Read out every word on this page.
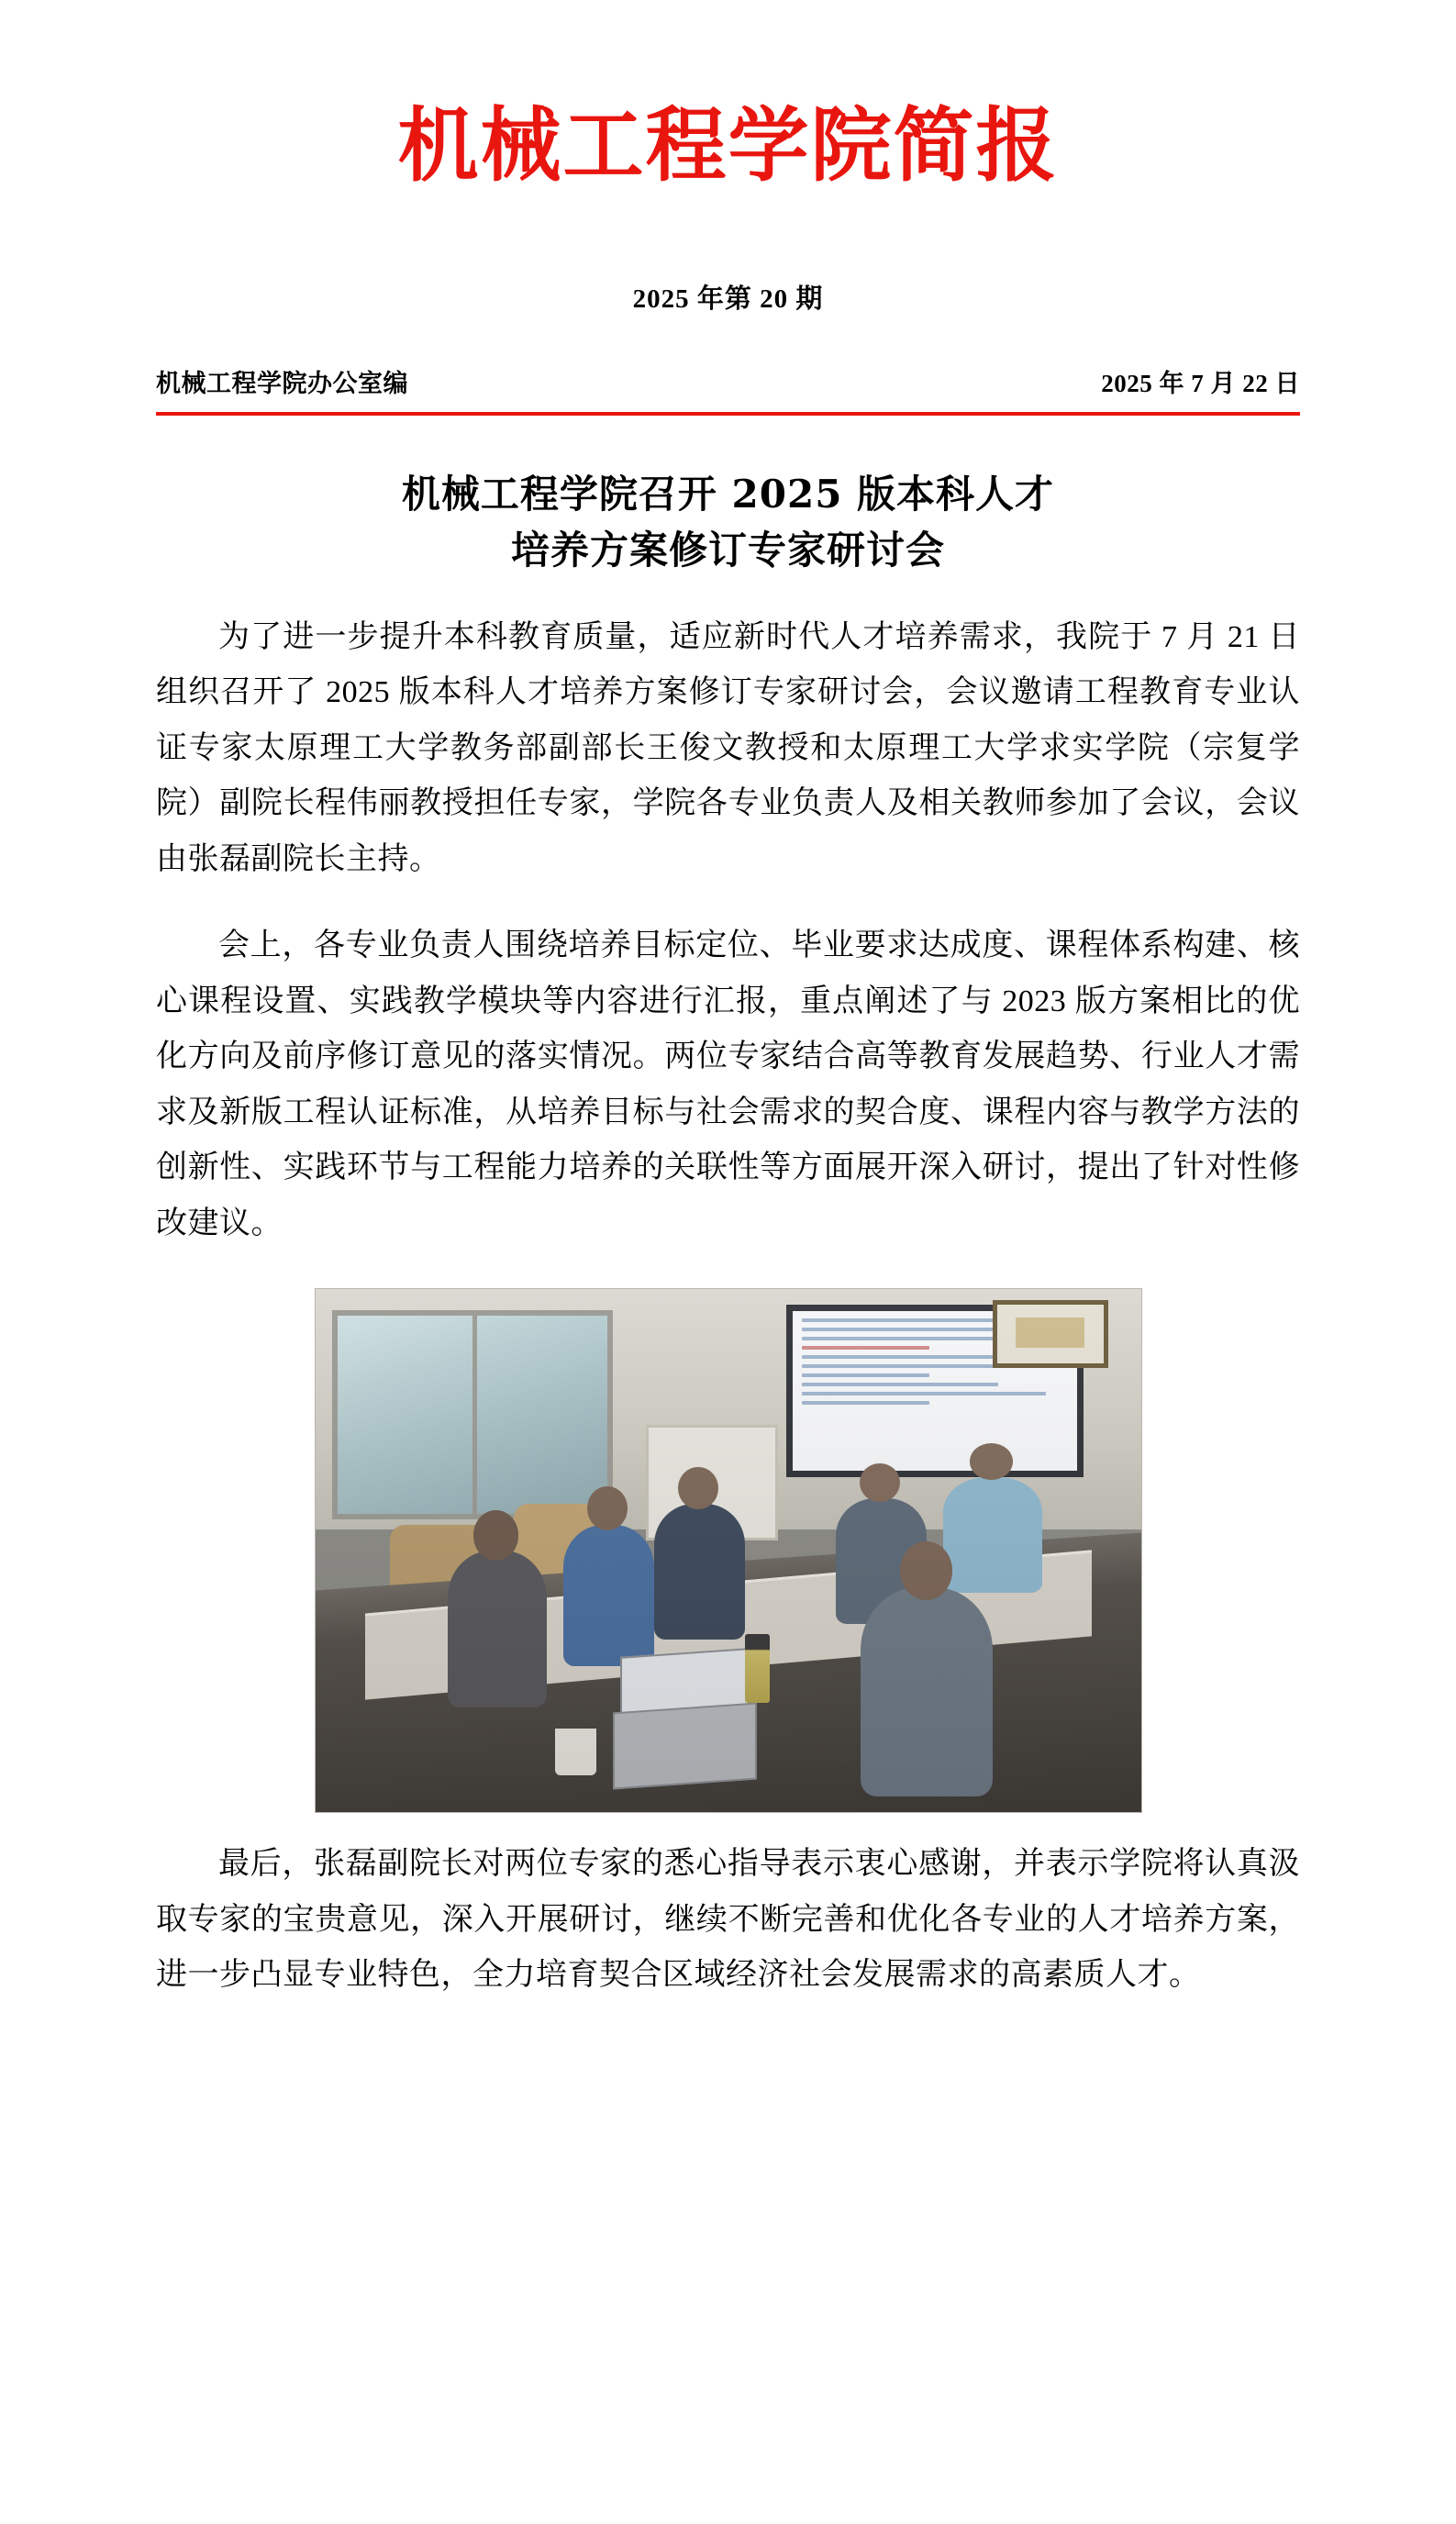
机械工程学院简报
2025 年第 20 期
机械工程学院办公室编	2025 年 7 月 22 日
机械工程学院召开 2025 版本科人才
培养方案修订专家研讨会

为了进一步提升本科教育质量，适应新时代人才培养需求，我院于 7 月 21 日组织召开了 2025 版本科人才培养方案修订专家研讨会，会议邀请工程教育专业认证专家太原理工大学教务部副部长王俊文教授和太原理工大学求实学院（宗复学院）副院长程伟丽教授担任专家，学院各专业负责人及相关教师参加了会议，会议由张磊副院长主持。

会上，各专业负责人围绕培养目标定位、毕业要求达成度、课程体系构建、核心课程设置、实践教学模块等内容进行汇报，重点阐述了与 2023 版方案相比的优化方向及前序修订意见的落实情况。两位专家结合高等教育发展趋势、行业人才需求及新版工程认证标准，从培养目标与社会需求的契合度、课程内容与教学方法的创新性、实践环节与工程能力培养的关联性等方面展开深入研讨，提出了针对性修改建议。

最后，张磊副院长对两位专家的悉心指导表示衷心感谢，并表示学院将认真汲取专家的宝贵意见，深入开展研讨，继续不断完善和优化各专业的人才培养方案，进一步凸显专业特色，全力培育契合区域经济社会发展需求的高素质人才。
